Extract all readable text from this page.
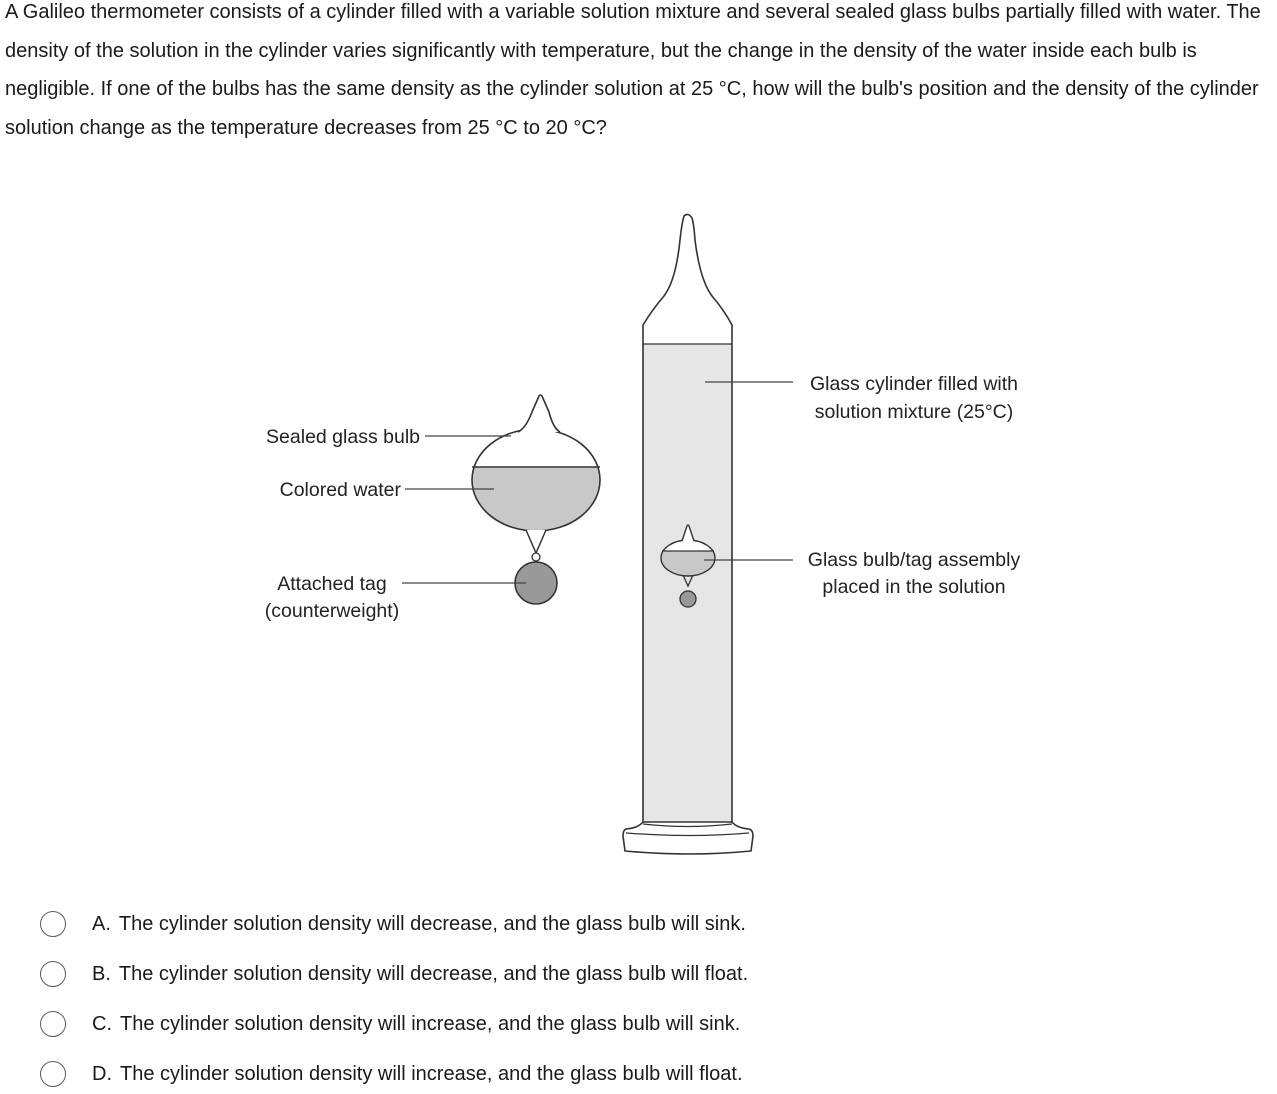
A Galileo thermometer consists of a cylinder filled with a variable solution mixture and several sealed glass bulbs partially filled with water. The density of the solution in the cylinder varies significantly with temperature, but the change in the density of the water inside each bulb is negligible. If one of the bulbs has the same density as the cylinder solution at 25 °C, how will the bulb's position and the density of the cylinder solution change as the temperature decreases from 25 °C to 20 °C?

Sealed glass bulb
Colored water
Attached tag
(counterweight)
Glass cylinder filled with
solution mixture (25°C)
Glass bulb/tag assembly
placed in the solution
A. The cylinder solution density will decrease, and the glass bulb will sink.
B. The cylinder solution density will decrease, and the glass bulb will float.
C. The cylinder solution density will increase, and the glass bulb will sink.
D. The cylinder solution density will increase, and the glass bulb will float.
